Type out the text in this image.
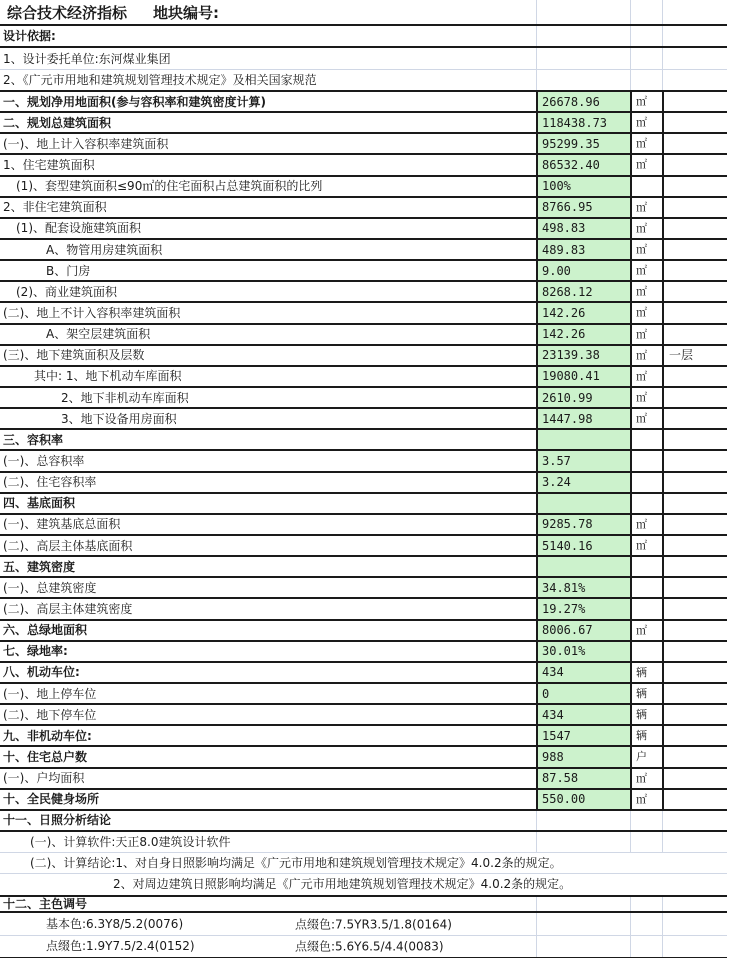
综合技术经济指标 地块编号:
设计依据:
1、设计委托单位:东河煤业集团
2、《广元市用地和建筑规划管理技术规定》及相关国家规范
一、规划净用地面积(参与容积率和建筑密度计算)	26678.96	㎡
二、规划总建筑面积	118438.73	㎡
(一)、地上计入容积率建筑面积	95299.35	㎡
1、住宅建筑面积	86532.40	㎡
(1)、套型建筑面积≤90㎡的住宅面积占总建筑面积的比列	100%
2、非住宅建筑面积	8766.95	㎡
(1)、配套设施建筑面积	498.83	㎡
A、物管用房建筑面积	489.83	㎡
B、门房	9.00	㎡
(2)、商业建筑面积	8268.12	㎡
(二)、地上不计入容积率建筑面积	142.26	㎡
A、架空层建筑面积	142.26	㎡
(三)、地下建筑面积及层数	23139.38	㎡ 一层
其中: 1、地下机动车库面积	19080.41	㎡
2、地下非机动车库面积	2610.99	㎡
3、地下设备用房面积	1447.98	㎡
三、容积率
(一)、总容积率	3.57
(二)、住宅容积率	3.24
四、基底面积
(一)、建筑基底总面积	9285.78	㎡
(二)、高层主体基底面积	5140.16	㎡
五、建筑密度
(一)、总建筑密度	34.81%
(二)、高层主体建筑密度	19.27%
六、总绿地面积	8006.67	㎡
七、绿地率:	30.01%
八、机动车位:	434	辆
(一)、地上停车位	0	辆
(二)、地下停车位	434	辆
九、非机动车位:	1547	辆
十、住宅总户数	988	户
(一)、户均面积	87.58	㎡
十、全民健身场所	550.00	㎡
十一、日照分析结论
(一)、计算软件:天正8.0建筑设计软件
(二)、计算结论:1、对自身日照影响均满足《广元市用地和建筑规划管理技术规定》4.0.2条的规定。
2、对周边建筑日照影响均满足《广元市用地建筑规划管理技术规定》4.0.2条的规定。
十二、主色调号
基本色:6.3Y8/5.2(0076)	点缀色:7.5YR3.5/1.8(0164)
点缀色:1.9Y7.5/2.4(0152)	点缀色:5.6Y6.5/4.4(0083)
